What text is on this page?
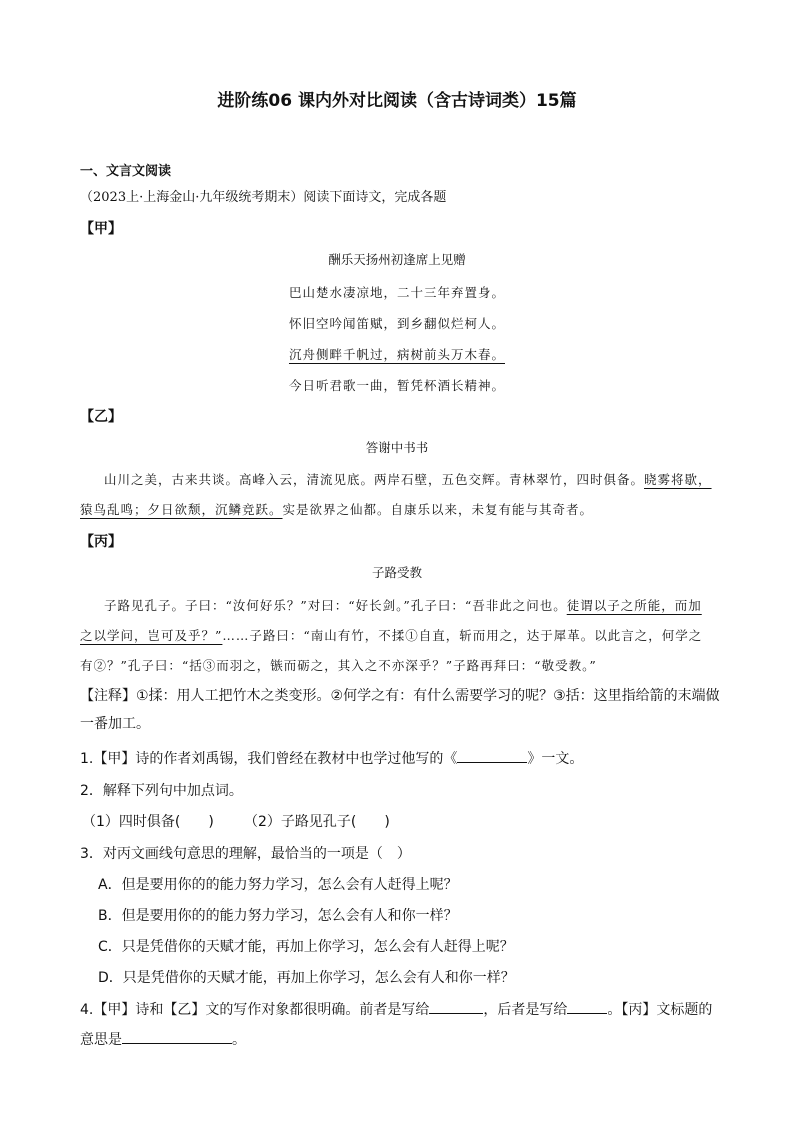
进阶练06 课内外对比阅读（含古诗词类）15篇
一、文言文阅读
（2023上·上海金山·九年级统考期末）阅读下面诗文，完成各题
【甲】
酬乐天扬州初逢席上见赠
巴山楚水凄凉地，二十三年弃置身。
怀旧空吟闻笛赋，到乡翻似烂柯人。
沉舟侧畔千帆过，病树前头万木春。
今日听君歌一曲，暂凭杯酒长精神。
【乙】
答谢中书书
山川之美，古来共谈。高峰入云，清流见底。两岸石壁，五色交辉。青林翠竹，四时俱备。晓雾将歇，
猿鸟乱鸣；夕日欲颓，沉鳞竞跃。实是欲界之仙都。自康乐以来，未复有能与其奇者。
【丙】
子路受教
子路见孔子。子曰：“汝何好乐？”对曰：“好长剑。”孔子曰：“吾非此之问也。徒谓以子之所能，而加
之以学问，岂可及乎？”……子路曰：“南山有竹，不揉①自直，斩而用之，达于犀革。以此言之，何学之
有②？”孔子曰：“括③而羽之，镞而砺之，其入之不亦深乎？”子路再拜曰：“敬受教。”
【注释】①揉：用人工把竹木之类变形。②何学之有：有什么需要学习的呢？③括：这里指给箭的末端做一番加工。
1.【甲】诗的作者刘禹锡，我们曾经在教材中也学过他写的《	》一文。
2．解释下列句中加点词。
（1）四时俱备(　　) （2）子路见孔子(　　)
3．对丙文画线句意思的理解，最恰当的一项是（　）
A．但是要用你的的能力努力学习，怎么会有人赶得上呢？
B．但是要用你的的能力努力学习，怎么会有人和你一样？
C．只是凭借你的天赋才能，再加上你学习，怎么会有人赶得上呢？
D．只是凭借你的天赋才能，再加上你学习，怎么会有人和你一样？
4.【甲】诗和【乙】文的写作对象都很明确。前者是写给	，后者是写给	。【丙】文标题的
意思是	。
